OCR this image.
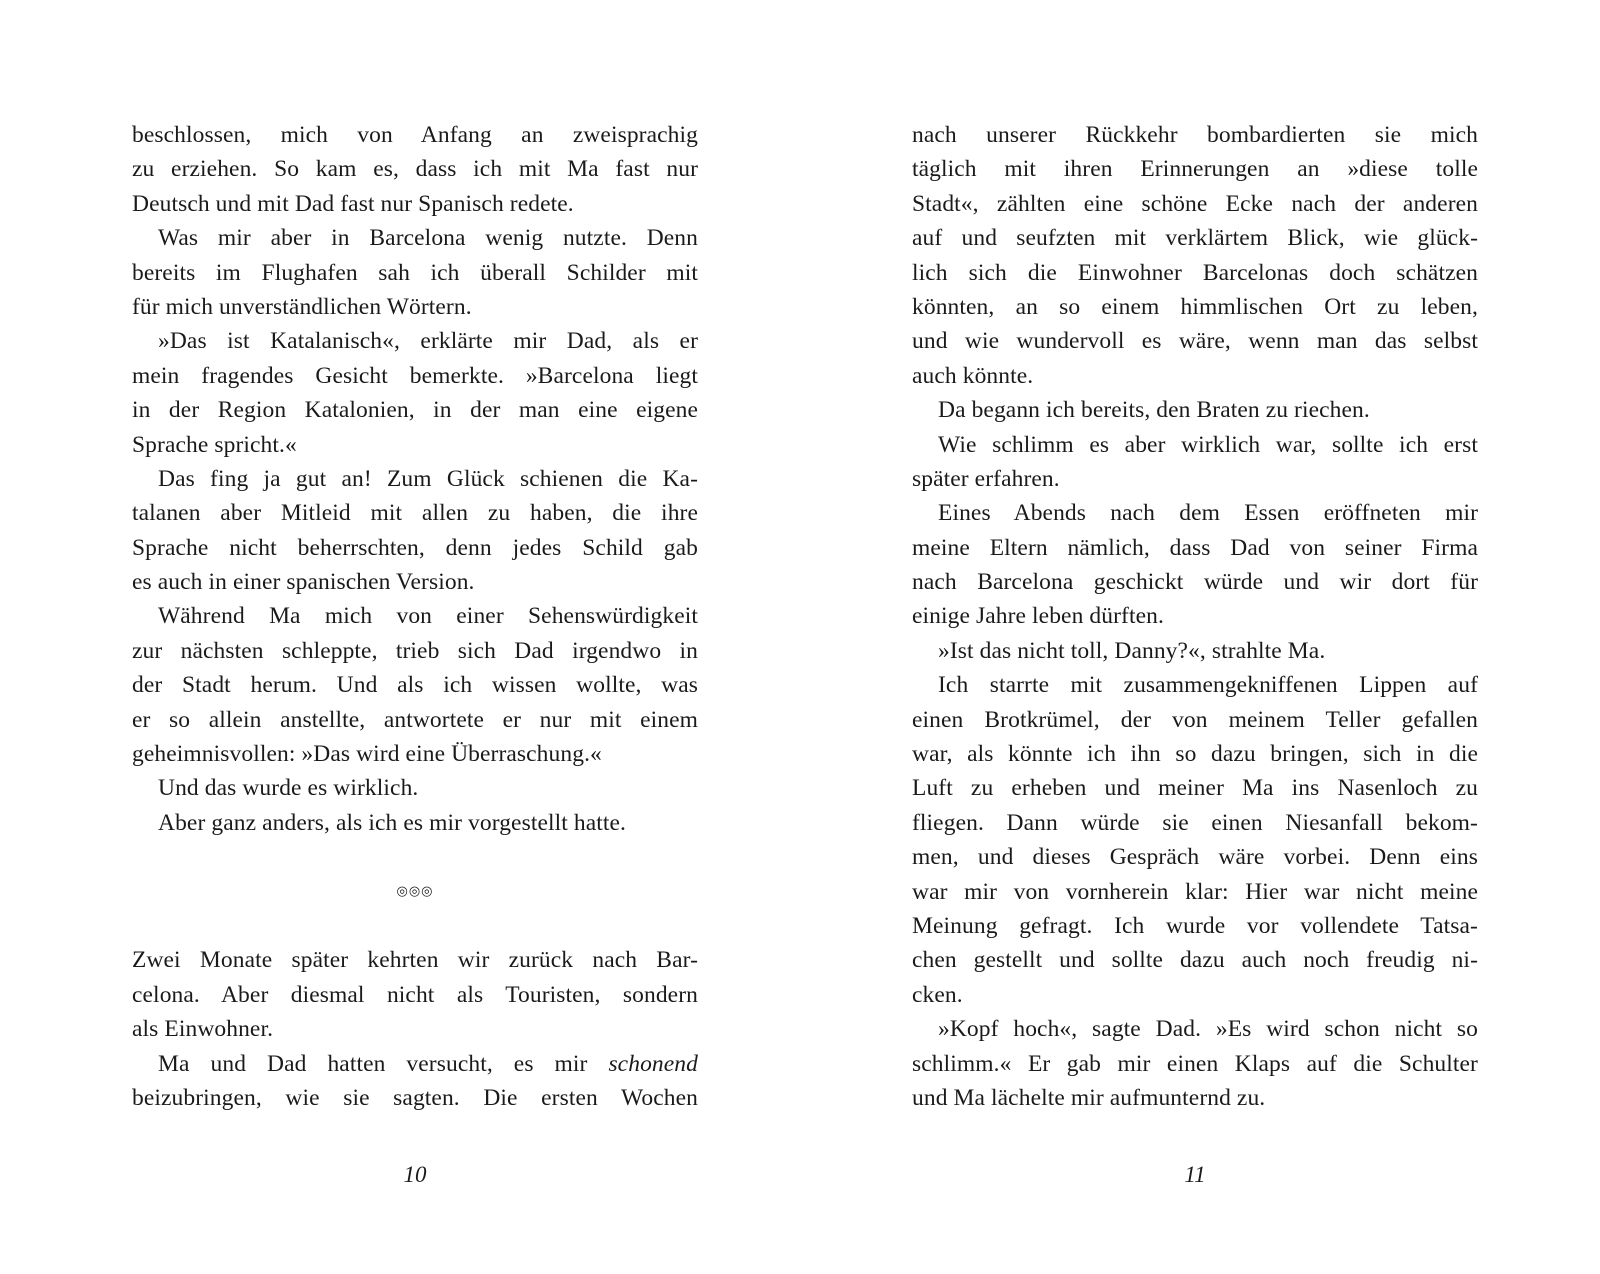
beschlossen, mich von Anfang an zweisprachig
zu erziehen. So kam es, dass ich mit Ma fast nur
Deutsch und mit Dad fast nur Spanisch redete.
Was mir aber in Barcelona wenig nutzte. Denn
bereits im Flughafen sah ich überall Schilder mit
für mich unverständlichen Wörtern.
»Das ist Katalanisch«, erklärte mir Dad, als er
mein fragendes Gesicht bemerkte. »Barcelona liegt
in der Region Katalonien, in der man eine eigene
Sprache spricht.«
Das fing ja gut an! Zum Glück schienen die Ka-
talanen aber Mitleid mit allen zu haben, die ihre
Sprache nicht beherrschten, denn jedes Schild gab
es auch in einer spanischen Version.
Während Ma mich von einer Sehenswürdigkeit
zur nächsten schleppte, trieb sich Dad irgendwo in
der Stadt herum. Und als ich wissen wollte, was
er so allein anstellte, antwortete er nur mit einem
geheimnisvollen: »Das wird eine Überraschung.«
Und das wurde es wirklich.
Aber ganz anders, als ich es mir vorgestellt hatte.
◎◎◎
Zwei Monate später kehrten wir zurück nach Bar-
celona. Aber diesmal nicht als Touristen, sondern
als Einwohner.
Ma und Dad hatten versucht, es mir schonend
beizubringen, wie sie sagten. Die ersten Wochen
10
nach unserer Rückkehr bombardierten sie mich
täglich mit ihren Erinnerungen an »diese tolle
Stadt«, zählten eine schöne Ecke nach der anderen
auf und seufzten mit verklärtem Blick, wie glück-
lich sich die Einwohner Barcelonas doch schätzen
könnten, an so einem himmlischen Ort zu leben,
und wie wundervoll es wäre, wenn man das selbst
auch könnte.
Da begann ich bereits, den Braten zu riechen.
Wie schlimm es aber wirklich war, sollte ich erst
später erfahren.
Eines Abends nach dem Essen eröffneten mir
meine Eltern nämlich, dass Dad von seiner Firma
nach Barcelona geschickt würde und wir dort für
einige Jahre leben dürften.
»Ist das nicht toll, Danny?«, strahlte Ma.
Ich starrte mit zusammengekniffenen Lippen auf
einen Brotkrümel, der von meinem Teller gefallen
war, als könnte ich ihn so dazu bringen, sich in die
Luft zu erheben und meiner Ma ins Nasenloch zu
fliegen. Dann würde sie einen Niesanfall bekom-
men, und dieses Gespräch wäre vorbei. Denn eins
war mir von vornherein klar: Hier war nicht meine
Meinung gefragt. Ich wurde vor vollendete Tatsa-
chen gestellt und sollte dazu auch noch freudig ni-
cken.
»Kopf hoch«, sagte Dad. »Es wird schon nicht so
schlimm.« Er gab mir einen Klaps auf die Schulter
und Ma lächelte mir aufmunternd zu.
11
